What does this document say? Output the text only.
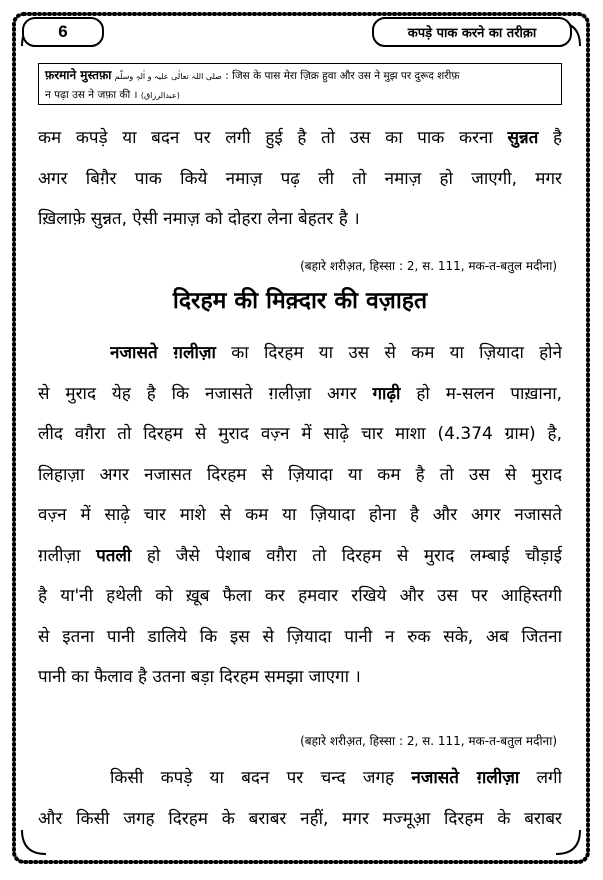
6	कपड़े पाक करने का तरीक़ा
फ़रमाने मुस्तफ़ा صلی اللہ تعالٰی علیہ و اٰلہٖ وسلّم : जिस के पास मेरा ज़िक्र हुवा और उस ने मुझ पर दुरूद शरीफ़
न पढ़ा उस ने जफ़ा की । (عبدالرزاق)
कम कपड़े या बदन पर लगी हुई है तो उस का पाक करना सुन्नत है
अगर बिग़ैर पाक किये नमाज़ पढ़ ली तो नमाज़ हो जाएगी, मगर
ख़िलाफ़े सुन्नत, ऐसी नमाज़ को दोहरा लेना बेहतर है ।
(बहारे शरीअ़त, हिस्सा : 2, स. 111, मक-त-बतुल मदीना)
दिरहम की मिक़्दार की वज़ाहत
नजासते ग़लीज़ा का दिरहम या उस से कम या ज़ियादा होने
से मुराद येह है कि नजासते ग़लीज़ा अगर गाढ़ी हो म-सलन पाख़ाना,
लीद वग़ैरा तो दिरहम से मुराद वज़्न में साढ़े चार माशा (4.374 ग्राम) है,
लिहाज़ा अगर नजासत दिरहम से ज़ियादा या कम है तो उस से मुराद
वज़्न में साढ़े चार माशे से कम या ज़ियादा होना है और अगर नजासते
ग़लीज़ा पतली हो जैसे पेशाब वग़ैरा तो दिरहम से मुराद लम्बाई चौड़ाई
है या'नी हथेली को ख़ूब फैला कर हमवार रखिये और उस पर आहिस्तगी
से इतना पानी डालिये कि इस से ज़ियादा पानी न रुक सके, अब जितना
पानी का फैलाव है उतना बड़ा दिरहम समझा जाएगा ।
(बहारे शरीअ़त, हिस्सा : 2, स. 111, मक-त-बतुल मदीना)
किसी कपड़े या बदन पर चन्द जगह नजासते ग़लीज़ा लगी
और किसी जगह दिरहम के बराबर नहीं, मगर मज्मूआ़ दिरहम के बराबर
